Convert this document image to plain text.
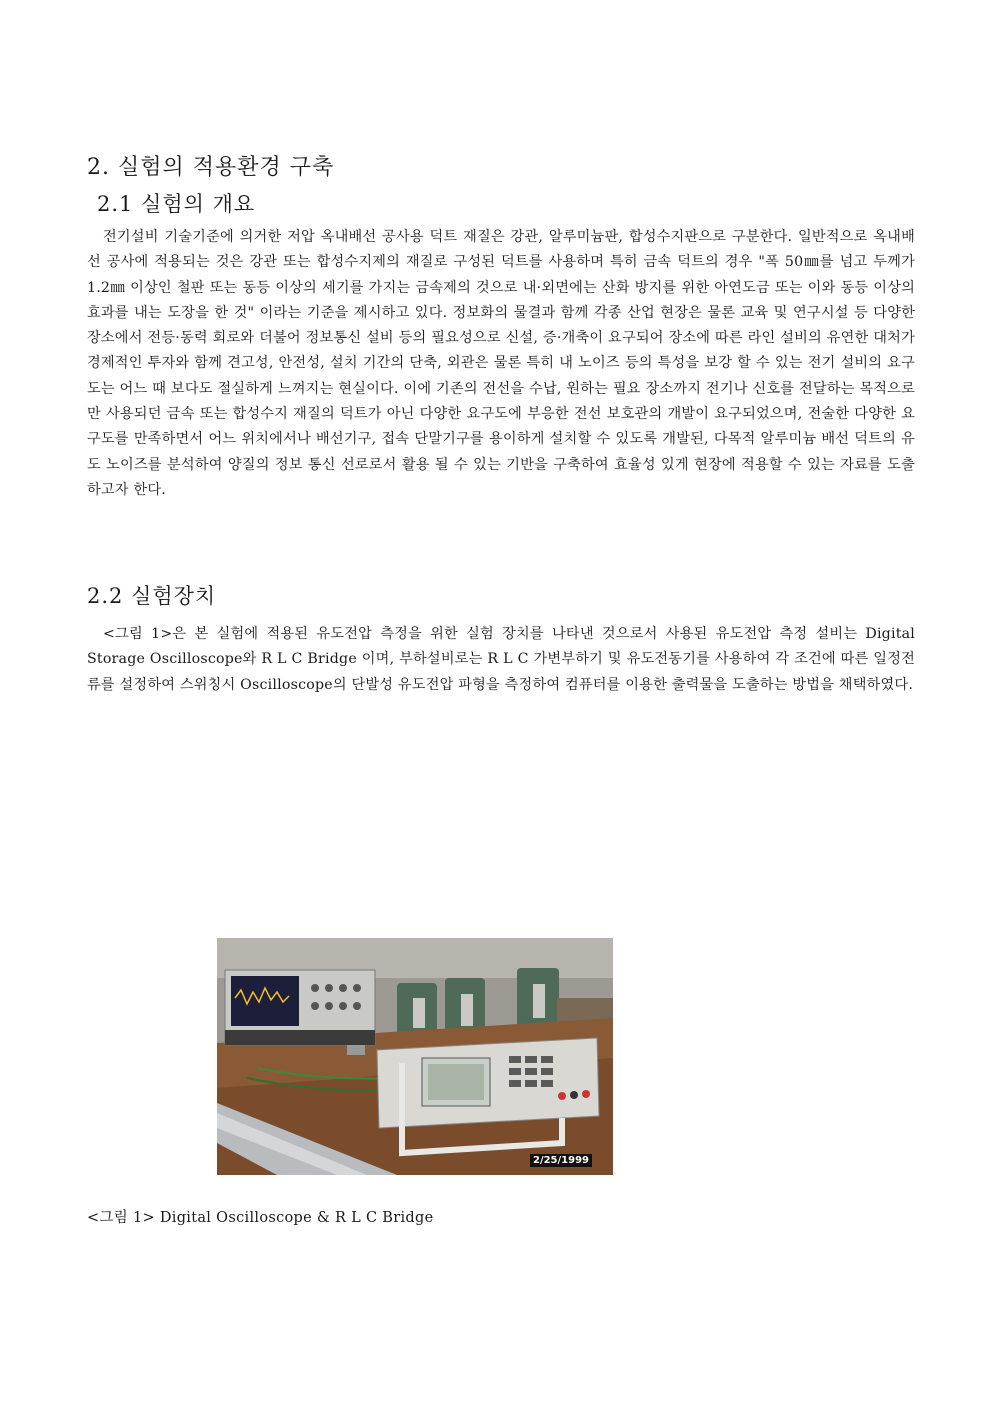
2. 실험의 적용환경 구축
2.1 실험의 개요

전기설비 기술기준에 의거한 저압 옥내배선 공사용 덕트 재질은 강관, 알루미늄판, 합성수지판으로 구분한다. 일반적으로 옥내배선 공사에 적용되는 것은 강관 또는 합성수지제의 재질로 구성된 덕트를 사용하며 특히 금속 덕트의 경우 "폭 50㎜를 넘고 두께가 1.2㎜ 이상인 철판 또는 동등 이상의 세기를 가지는 금속제의 것으로 내·외면에는 산화 방지를 위한 아연도금 또는 이와 동등 이상의 효과를 내는 도장을 한 것" 이라는 기준을 제시하고 있다. 정보화의 물결과 함께 각종 산업 현장은 물론 교육 및 연구시설 등 다양한 장소에서 전등·동력 회로와 더불어 정보통신 설비 등의 필요성으로 신설, 증·개축이 요구되어 장소에 따른 라인 설비의 유연한 대처가 경제적인 투자와 함께 견고성, 안전성, 설치 기간의 단축, 외관은 물론 특히 내 노이즈 등의 특성을 보강 할 수 있는 전기 설비의 요구도는 어느 때 보다도 절실하게 느껴지는 현실이다. 이에 기존의 전선을 수납, 원하는 필요 장소까지 전기나 신호를 전달하는 목적으로만 사용되던 금속 또는 합성수지 재질의 덕트가 아닌 다양한 요구도에 부응한 전선 보호관의 개발이 요구되었으며, 전술한 다양한 요구도를 만족하면서 어느 위치에서나 배선기구, 접속 단말기구를 용이하게 설치할 수 있도록 개발된, 다목적 알루미늄 배선 덕트의 유도 노이즈를 분석하여 양질의 정보 통신 선로로서 활용 될 수 있는 기반을 구축하여 효율성 있게 현장에 적용할 수 있는 자료를 도출하고자 한다.

2.2 실험장치

<그림 1>은 본 실험에 적용된 유도전압 측정을 위한 실험 장치를 나타낸 것으로서 사용된 유도전압 측정 설비는 Digital Storage Oscilloscope와 R L C Bridge 이며, 부하설비로는 R L C 가변부하기 및 유도전동기를 사용하여 각 조건에 따른 일정전류를 설정하여 스위칭시 Oscilloscope의 단발성 유도전압 파형을 측정하여 컴퓨터를 이용한 출력물을 도출하는 방법을 채택하였다.

2/25/1999

<그림 1> Digital Oscilloscope & R L C Bridge
